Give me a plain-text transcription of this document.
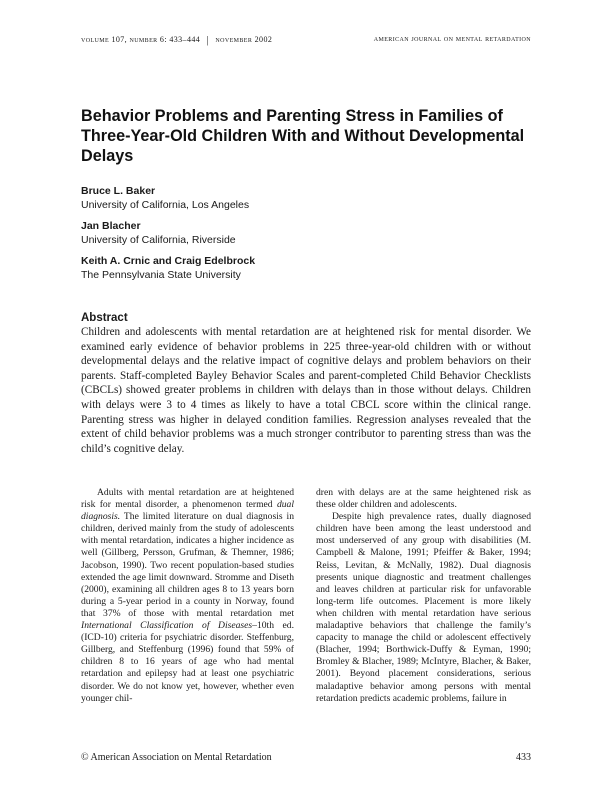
volume 107, number 6: 433–444 | november 2002	american journal on mental retardation
Behavior Problems and Parenting Stress in Families of Three-Year-Old Children With and Without Developmental Delays
Bruce L. Baker
University of California, Los Angeles
Jan Blacher
University of California, Riverside
Keith A. Crnic and Craig Edelbrock
The Pennsylvania State University
Abstract

Children and adolescents with mental retardation are at heightened risk for mental disorder. We examined early evidence of behavior problems in 225 three-year-old children with or without developmental delays and the relative impact of cognitive delays and problem behaviors on their parents. Staff-completed Bayley Behavior Scales and parent-completed Child Behavior Checklists (CBCLs) showed greater problems in children with delays than in those without delays. Children with delays were 3 to 4 times as likely to have a total CBCL score within the clinical range. Parenting stress was higher in delayed condition families. Regression analyses revealed that the extent of child behavior problems was a much stronger contributor to parenting stress than was the child’s cognitive delay.

Adults with mental retardation are at heightened risk for mental disorder, a phenomenon termed dual diagnosis. The limited literature on dual diagnosis in children, derived mainly from the study of adolescents with mental retardation, indicates a higher incidence as well (Gillberg, Persson, Grufman, & Themner, 1986; Jacobson, 1990). Two recent population-based studies extended the age limit downward. Stromme and Diseth (2000), examining all children ages 8 to 13 years born during a 5-year period in a county in Norway, found that 37% of those with mental retardation met International Classification of Diseases–10th ed. (ICD-10) criteria for psychiatric disorder. Steffenburg, Gillberg, and Steffenburg (1996) found that 59% of children 8 to 16 years of age who had mental retardation and epilepsy had at least one psychiatric disorder. We do not know yet, however, whether even younger chil-

dren with delays are at the same heightened risk as these older children and adolescents.

Despite high prevalence rates, dually diagnosed children have been among the least understood and most underserved of any group with disabilities (M. Campbell & Malone, 1991; Pfeiffer & Baker, 1994; Reiss, Levitan, & McNally, 1982). Dual diagnosis presents unique diagnostic and treatment challenges and leaves children at particular risk for unfavorable long-term life outcomes. Placement is more likely when children with mental retardation have serious maladaptive behaviors that challenge the family’s capacity to manage the child or adolescent effectively (Blacher, 1994; Borthwick-Duffy & Eyman, 1990; Bromley & Blacher, 1989; McIntyre, Blacher, & Baker, 2001). Beyond placement considerations, serious maladaptive behavior among persons with mental retardation predicts academic problems, failure in

© American Association on Mental Retardation	433
